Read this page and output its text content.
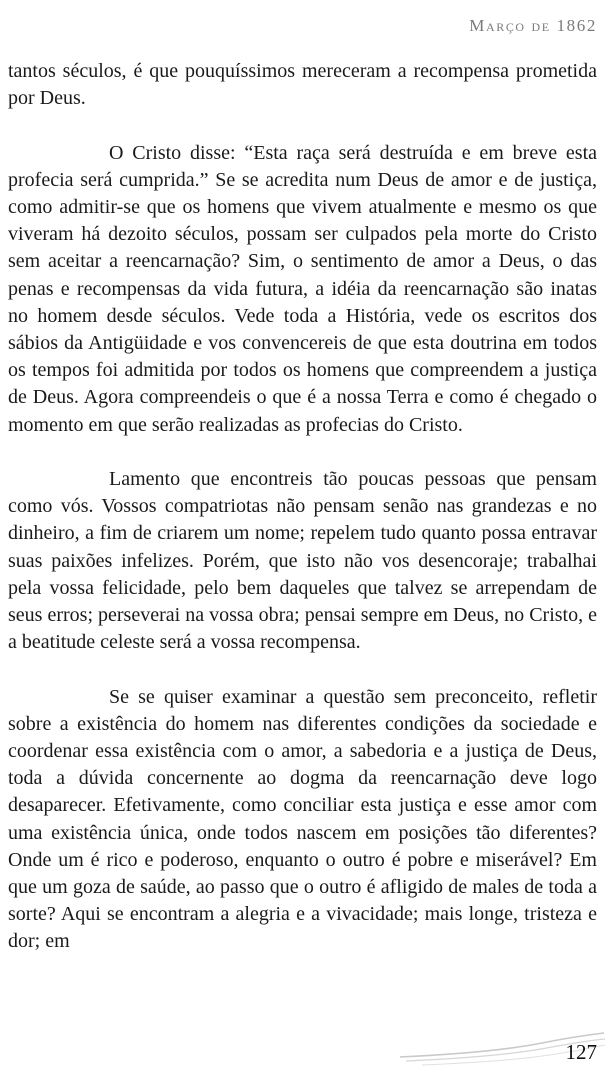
Março de 1862

tantos séculos, é que pouquíssimos mereceram a recompensa prometida por Deus.

O Cristo disse: “Esta raça será destruída e em breve esta profecia será cumprida.” Se se acredita num Deus de amor e de justiça, como admitir-se que os homens que vivem atualmente e mesmo os que viveram há dezoito séculos, possam ser culpados pela morte do Cristo sem aceitar a reencarnação? Sim, o sentimento de amor a Deus, o das penas e recompensas da vida futura, a idéia da reencarnação são inatas no homem desde séculos. Vede toda a História, vede os escritos dos sábios da Antigüidade e vos convencereis de que esta doutrina em todos os tempos foi admitida por todos os homens que compreendem a justiça de Deus. Agora compreendeis o que é a nossa Terra e como é chegado o momento em que serão realizadas as profecias do Cristo.

Lamento que encontreis tão poucas pessoas que pensam como vós. Vossos compatriotas não pensam senão nas grandezas e no dinheiro, a fim de criarem um nome; repelem tudo quanto possa entravar suas paixões infelizes. Porém, que isto não vos desencoraje; trabalhai pela vossa felicidade, pelo bem daqueles que talvez se arrependam de seus erros; perseverai na vossa obra; pensai sempre em Deus, no Cristo, e a beatitude celeste será a vossa recompensa.

Se se quiser examinar a questão sem preconceito, refletir sobre a existência do homem nas diferentes condições da sociedade e coordenar essa existência com o amor, a sabedoria e a justiça de Deus, toda a dúvida concernente ao dogma da reencarnação deve logo desaparecer. Efetivamente, como conciliar esta justiça e esse amor com uma existência única, onde todos nascem em posições tão diferentes? Onde um é rico e poderoso, enquanto o outro é pobre e miserável? Em que um goza de saúde, ao passo que o outro é afligido de males de toda a sorte? Aqui se encontram a alegria e a vivacidade; mais longe, tristeza e dor; em

127
